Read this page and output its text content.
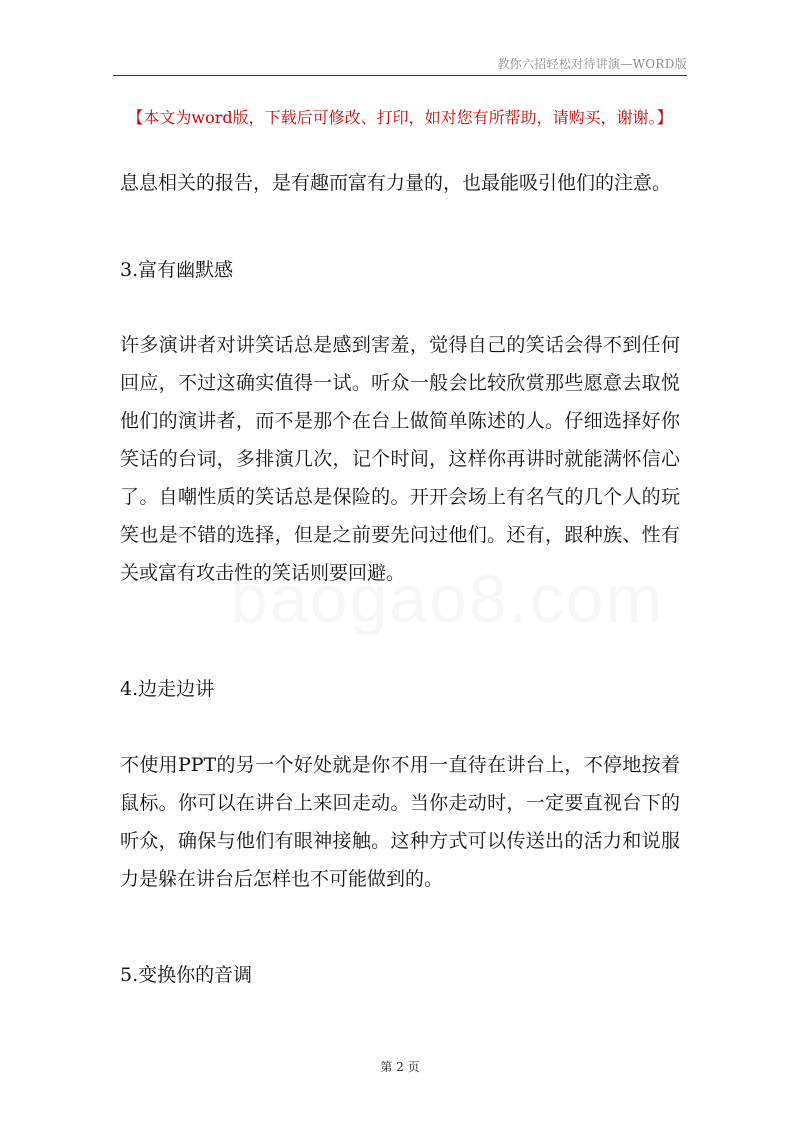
教你六招轻松对待讲演—WORD版
【本文为word版，下载后可修改、打印，如对您有所帮助，请购买，谢谢。】

息息相关的报告，是有趣而富有力量的，也最能吸引他们的注意。

3.富有幽默感

许多演讲者对讲笑话总是感到害羞，觉得自己的笑话会得不到任何回应，不过这确实值得一试。听众一般会比较欣赏那些愿意去取悦他们的演讲者，而不是那个在台上做简单陈述的人。仔细选择好你笑话的台词，多排演几次，记个时间，这样你再讲时就能满怀信心了。自嘲性质的笑话总是保险的。开开会场上有名气的几个人的玩笑也是不错的选择，但是之前要先问过他们。还有，跟种族、性有关或富有攻击性的笑话则要回避。

4.边走边讲

不使用PPT的另一个好处就是你不用一直待在讲台上，不停地按着鼠标。你可以在讲台上来回走动。当你走动时，一定要直视台下的听众，确保与他们有眼神接触。这种方式可以传送出的活力和说服力是躲在讲台后怎样也不可能做到的。

5.变换你的音调

第 2 页
